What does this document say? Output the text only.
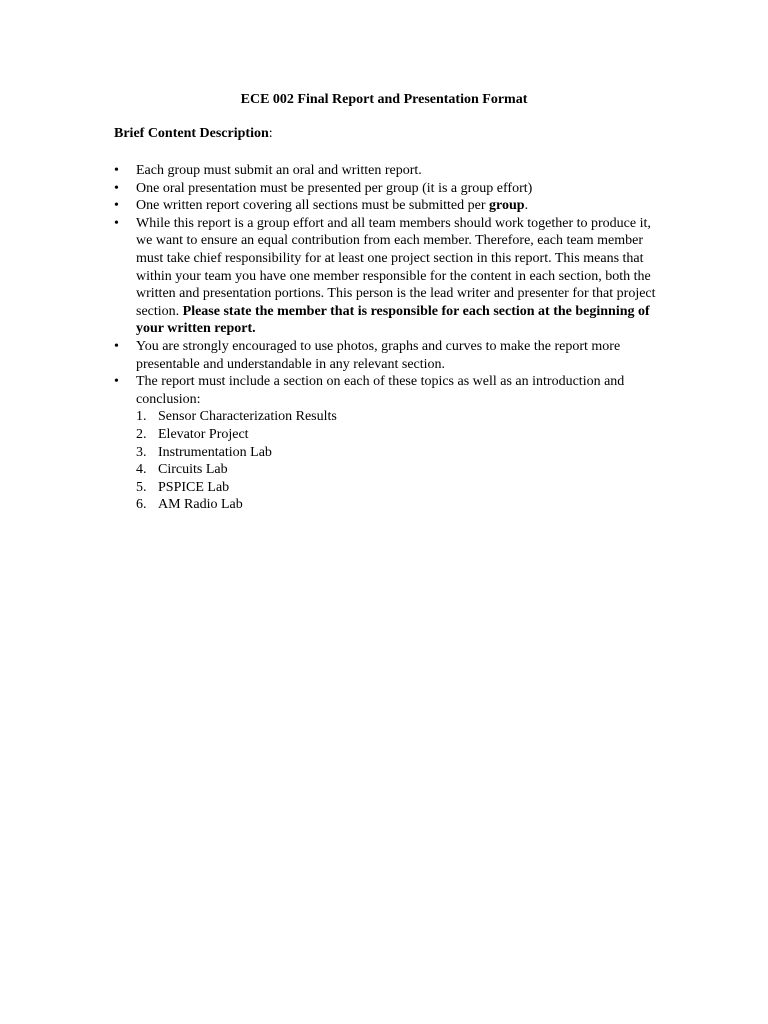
ECE 002 Final Report and Presentation Format
Brief Content Description:
•	Each group must submit an oral and written report.
•	One oral presentation must be presented per group (it is a group effort)
•	One written report covering all sections must be submitted per group.
•	While this report is a group effort and all team members should work together to produce it, we want to ensure an equal contribution from each member. Therefore, each team member must take chief responsibility for at least one project section in this report. This means that within your team you have one member responsible for the content in each section, both the written and presentation portions. This person is the lead writer and presenter for that project section. Please state the member that is responsible for each section at the beginning of your written report.
•	You are strongly encouraged to use photos, graphs and curves to make the report more presentable and understandable in any relevant section.
•	The report must include a section on each of these topics as well as an introduction and conclusion:
1. Sensor Characterization Results
2. Elevator Project
3. Instrumentation Lab
4. Circuits Lab
5. PSPICE Lab
6. AM Radio Lab
